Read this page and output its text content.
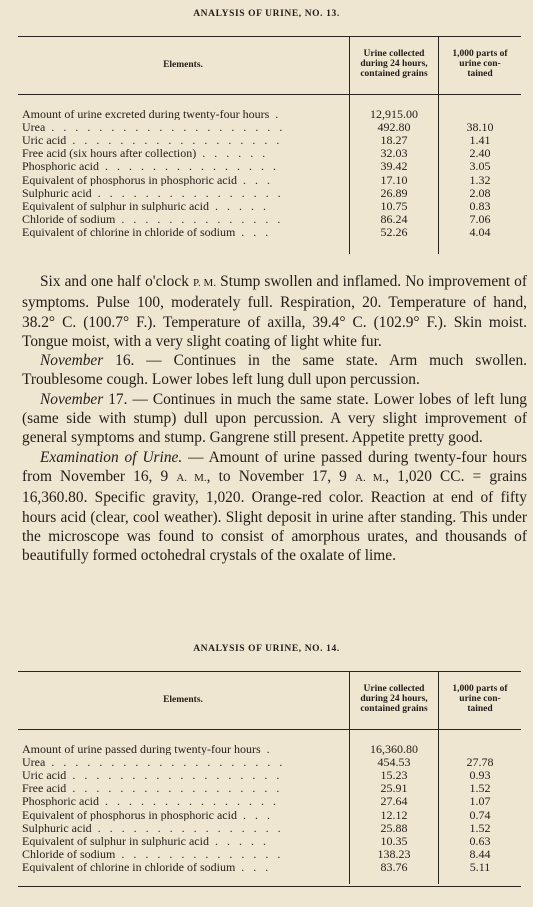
ANALYSIS OF URINE, NO. 13.
Elements.
Urine collected
during 24 hours,
contained grains
1,000 parts of
urine con-
tained
Amount of urine excreted during twenty-four hours .	12,915.00
Urea . . . . . . . . . . . . . . . . . . . .	492.80	38.10
Uric acid . . . . . . . . . . . . . . . . . .	18.27	1.41
Free acid (six hours after collection) . . . . . .	32.03	2.40
Phosphoric acid . . . . . . . . . . . . . . .	39.42	3.05
Equivalent of phosphorus in phosphoric acid . . .	17.10	1.32
Sulphuric acid . . . . . . . . . . . . . . . .	26.89	2.08
Equivalent of sulphur in sulphuric acid . . . . .	10.75	0.83
Chloride of sodium . . . . . . . . . . . . . .	86.24	7.06
Equivalent of chlorine in chloride of sodium . . .	52.26	4.04

Six and one half o'clock P. M. Stump swollen and inflamed. No improvement of symptoms. Pulse 100, moderately full. Respiration, 20. Temperature of hand, 38.2° C. (100.7° F.). Temperature of axilla, 39.4° C. (102.9° F.). Skin moist. Tongue moist, with a very slight coating of light white fur.

November 16. — Continues in the same state. Arm much swollen. Troublesome cough. Lower lobes left lung dull upon percussion.

November 17. — Continues in much the same state. Lower lobes of left lung (same side with stump) dull upon percussion. A very slight improvement of general symptoms and stump. Gangrene still present. Appetite pretty good.

Examination of Urine. — Amount of urine passed during twenty-four hours from November 16, 9 A. M., to November 17, 9 A. M., 1,020 CC. = grains 16,360.80. Specific gravity, 1,020. Orange-red color. Reaction at end of fifty hours acid (clear, cool weather). Slight deposit in urine after standing. This under the microscope was found to consist of amorphous urates, and thousands of beautifully formed octohedral crystals of the oxalate of lime.

ANALYSIS OF URINE, NO. 14.
Elements.
Urine collected
during 24 hours,
contained grains
1,000 parts of
urine con-
tained
Amount of urine passed during twenty-four hours .	16,360.80
Urea . . . . . . . . . . . . . . . . . . . .	454.53	27.78
Uric acid . . . . . . . . . . . . . . . . . .	15.23	0.93
Free acid . . . . . . . . . . . . . . . . . .	25.91	1.52
Phosphoric acid . . . . . . . . . . . . . . .	27.64	1.07
Equivalent of phosphorus in phosphoric acid . . .	12.12	0.74
Sulphuric acid . . . . . . . . . . . . . . . .	25.88	1.52
Equivalent of sulphur in sulphuric acid . . . . .	10.35	0.63
Chloride of sodium . . . . . . . . . . . . . .	138.23	8.44
Equivalent of chlorine in chloride of sodium . . .	83.76	5.11
